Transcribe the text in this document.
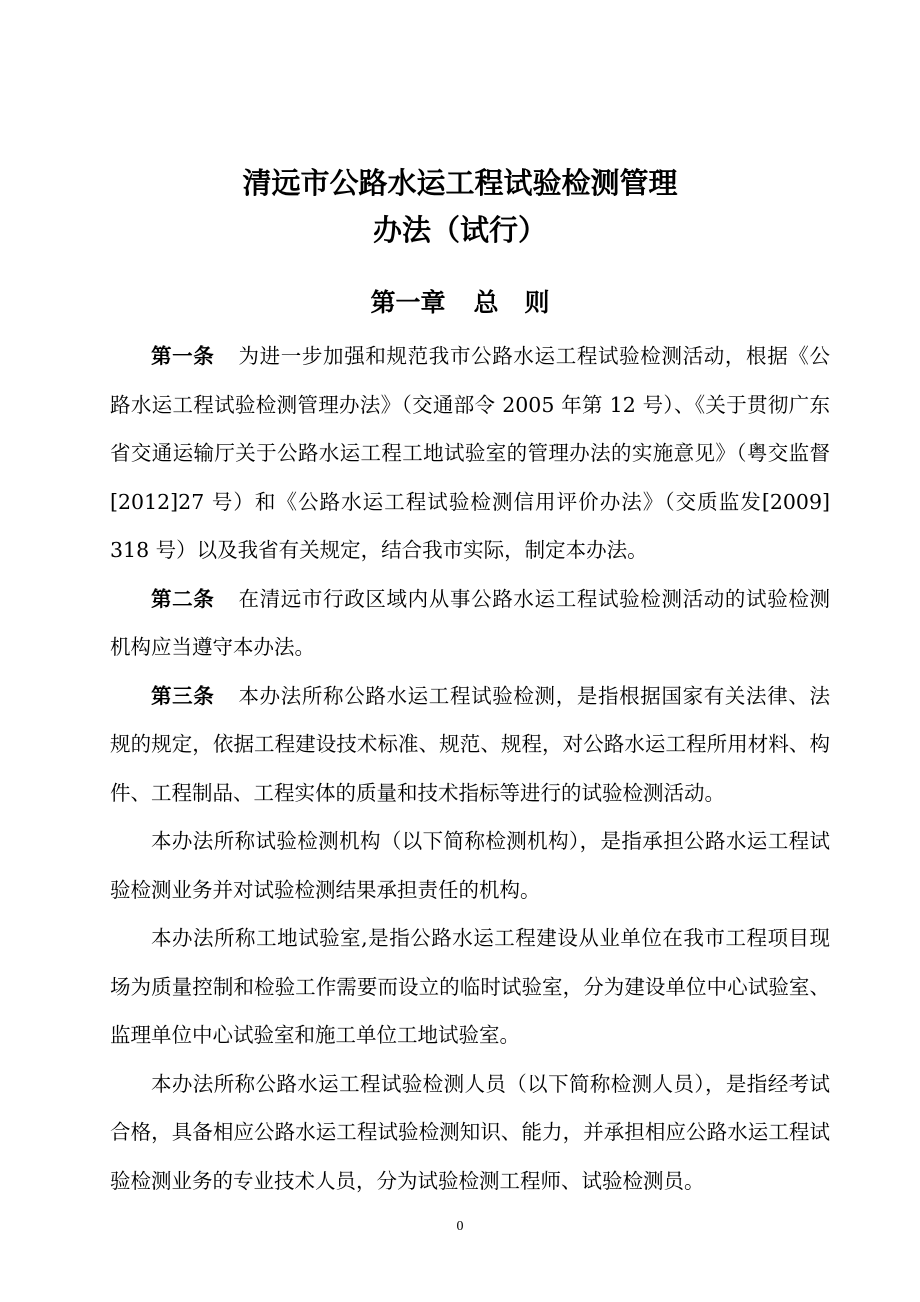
清远市公路水运工程试验检测管理
办法（试行）
第一章 总 则

第一条 为进一步加强和规范我市公路水运工程试验检测活动，根据《公路水运工程试验检测管理办法》（交通部令 2005 年第 12 号）、《关于贯彻广东省交通运输厅关于公路水运工程工地试验室的管理办法的实施意见》（粤交监督[2012]27 号）和《公路水运工程试验检测信用评价办法》（交质监发[2009] 318 号）以及我省有关规定，结合我市实际，制定本办法。

第二条 在清远市行政区域内从事公路水运工程试验检测活动的试验检测机构应当遵守本办法。

第三条 本办法所称公路水运工程试验检测，是指根据国家有关法律、法规的规定，依据工程建设技术标准、规范、规程，对公路水运工程所用材料、构件、工程制品、工程实体的质量和技术指标等进行的试验检测活动。

本办法所称试验检测机构（以下简称检测机构），是指承担公路水运工程试验检测业务并对试验检测结果承担责任的机构。

本办法所称工地试验室,是指公路水运工程建设从业单位在我市工程项目现场为质量控制和检验工作需要而设立的临时试验室，分为建设单位中心试验室、监理单位中心试验室和施工单位工地试验室。

本办法所称公路水运工程试验检测人员（以下简称检测人员），是指经考试合格，具备相应公路水运工程试验检测知识、能力，并承担相应公路水运工程试验检测业务的专业技术人员，分为试验检测工程师、试验检测员。

0
